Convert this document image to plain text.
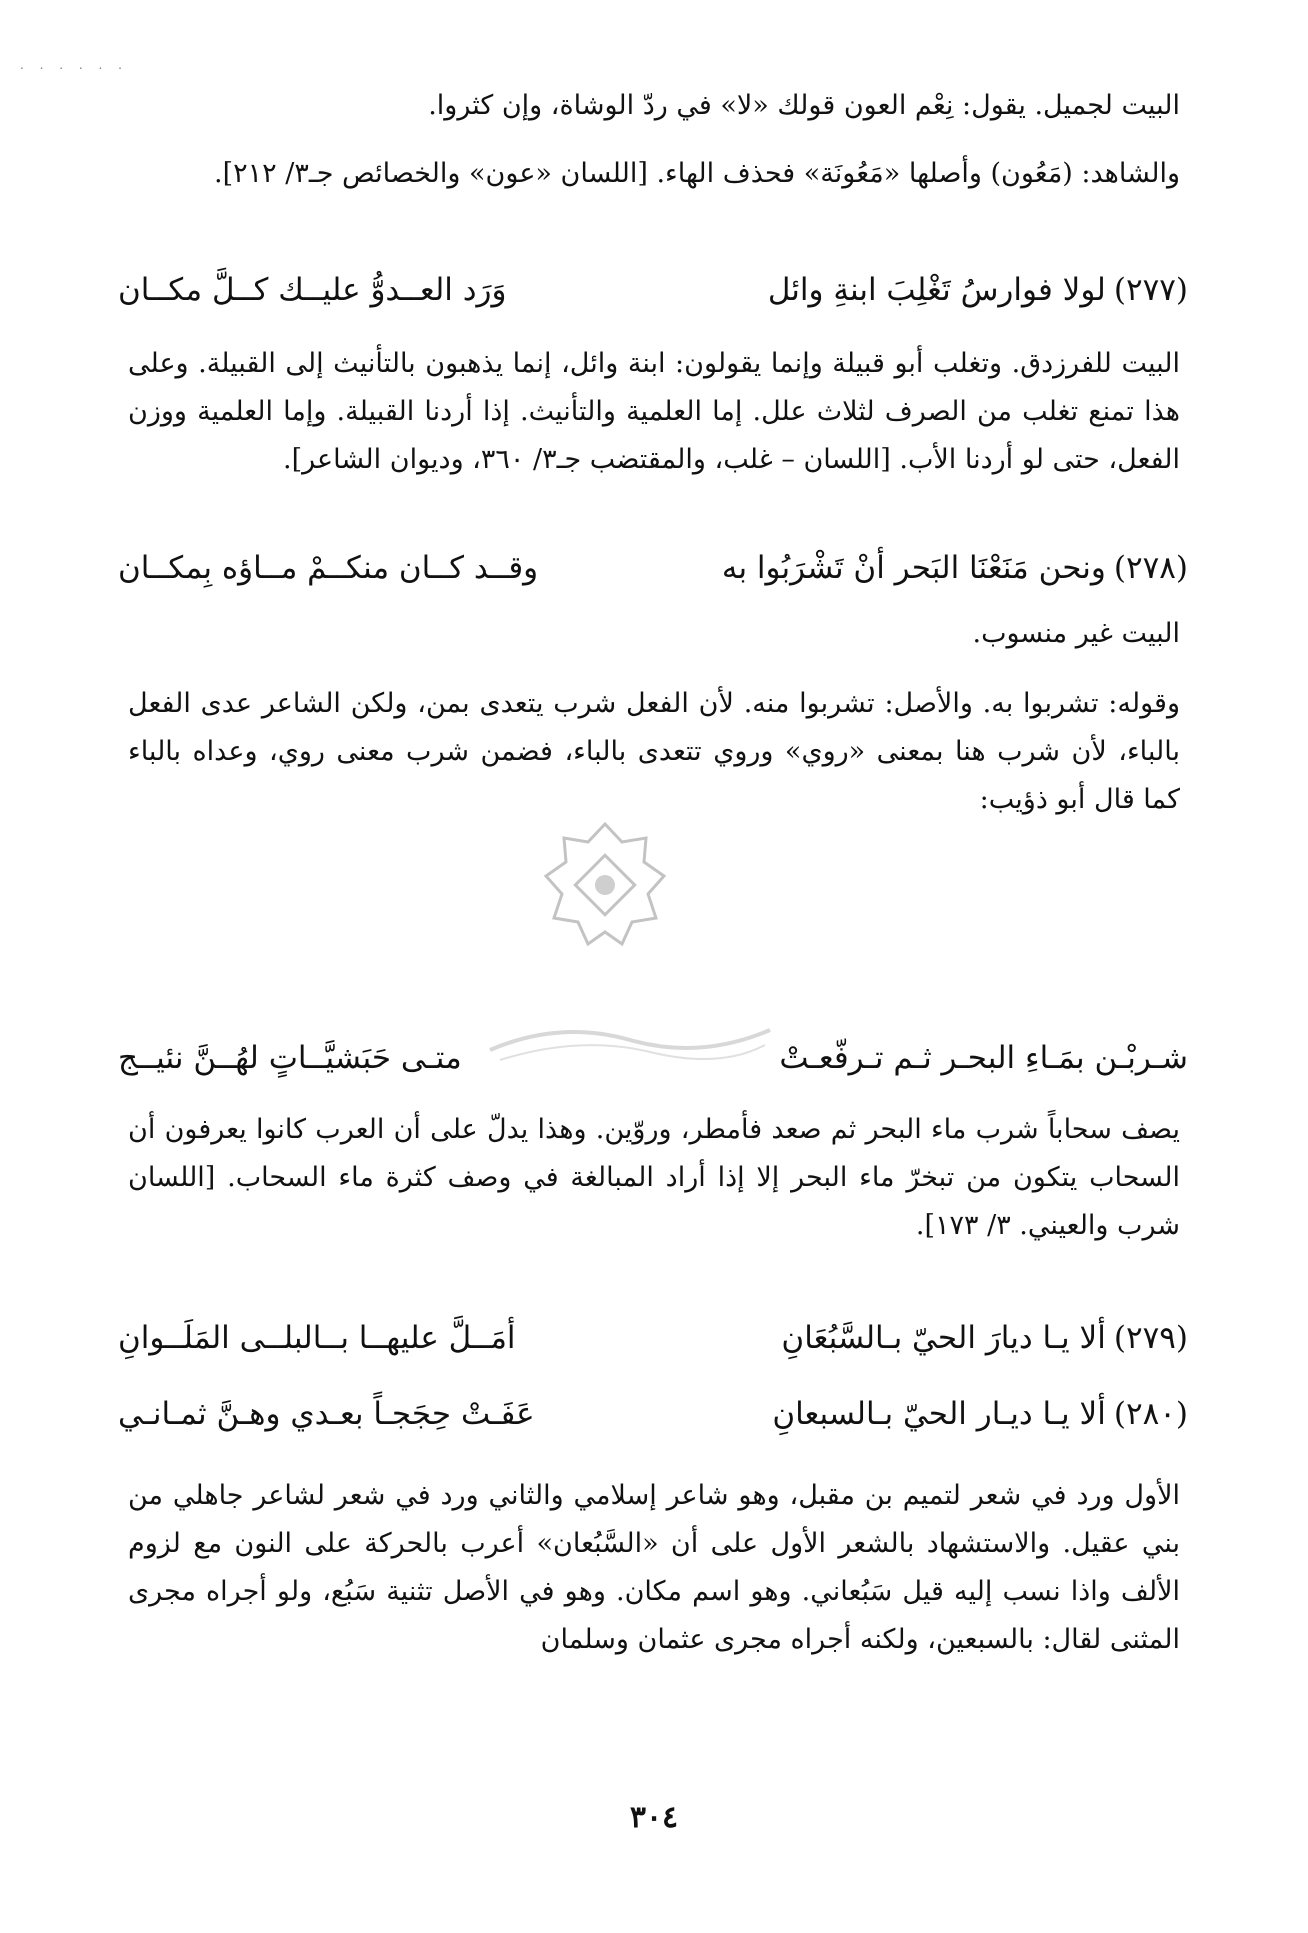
. . . . . .

البيت لجميل. يقول: نِعْم العون قولك «لا» في ردّ الوشاة، وإن كثروا.

والشاهد: (مَعُون) وأصلها «مَعُونَة» فحذف الهاء. [اللسان «عون» والخصائص جـ٣/ ٢١٢].

(٢٧٧)لولا فوارسُ تَغْلِبَ ابنةِ وائل
وَرَد العــدوُّ عليــك كــلَّ مكــان

البيت للفرزدق. وتغلب أبو قبيلة وإنما يقولون: ابنة وائل، إنما يذهبون بالتأنيث إلى القبيلة. وعلى هذا تمنع تغلب من الصرف لثلاث علل. إما العلمية والتأنيث. إذا أردنا القبيلة. وإما العلمية ووزن الفعل، حتى لو أردنا الأب. [اللسان – غلب، والمقتضب جـ٣/ ٣٦٠، وديوان الشاعر].

(٢٧٨)ونحن مَنَعْنَا البَحر أنْ تَشْرَبُوا به
وقــد كــان منكــمْ مــاؤه بِمكــان

البيت غير منسوب.

وقوله: تشربوا به. والأصل: تشربوا منه. لأن الفعل شرب يتعدى بمن، ولكن الشاعر عدى الفعل بالباء، لأن شرب هنا بمعنى «روي» وروي تتعدى بالباء، فضمن شرب معنى روي، وعداه بالباء كما قال أبو ذؤيب:

شـربْـن بمَـاءِ البحـر ثـم تـرفّعـتْ
متـى حَبَشيَّــاتٍ لهُــنَّ نئيــج

يصف سحاباً شرب ماء البحر ثم صعد فأمطر، وروّين. وهذا يدلّ على أن العرب كانوا يعرفون أن السحاب يتكون من تبخرّ ماء البحر إلا إذا أراد المبالغة في وصف كثرة ماء السحاب. [اللسان شرب والعيني. ٣/ ١٧٣].

(٢٧٩)ألا يـا ديارَ الحيّ بـالسَّبُعَانِ
أمَــلَّ عليهــا بــالبلــى المَلَــوانِ
(٢٨٠)ألا يـا ديـار الحيّ بـالسبعانِ
عَفَـتْ حِجَجـاً بعـدي وهـنَّ ثمـانـي

الأول ورد في شعر لتميم بن مقبل، وهو شاعر إسلامي والثاني ورد في شعر لشاعر جاهلي من بني عقيل. والاستشهاد بالشعر الأول على أن «السَّبُعان» أعرب بالحركة على النون مع لزوم الألف واذا نسب إليه قيل سَبُعاني. وهو اسم مكان. وهو في الأصل تثنية سَبُع، ولو أجراه مجرى المثنى لقال: بالسبعين، ولكنه أجراه مجرى عثمان وسلمان

٣٠٤
